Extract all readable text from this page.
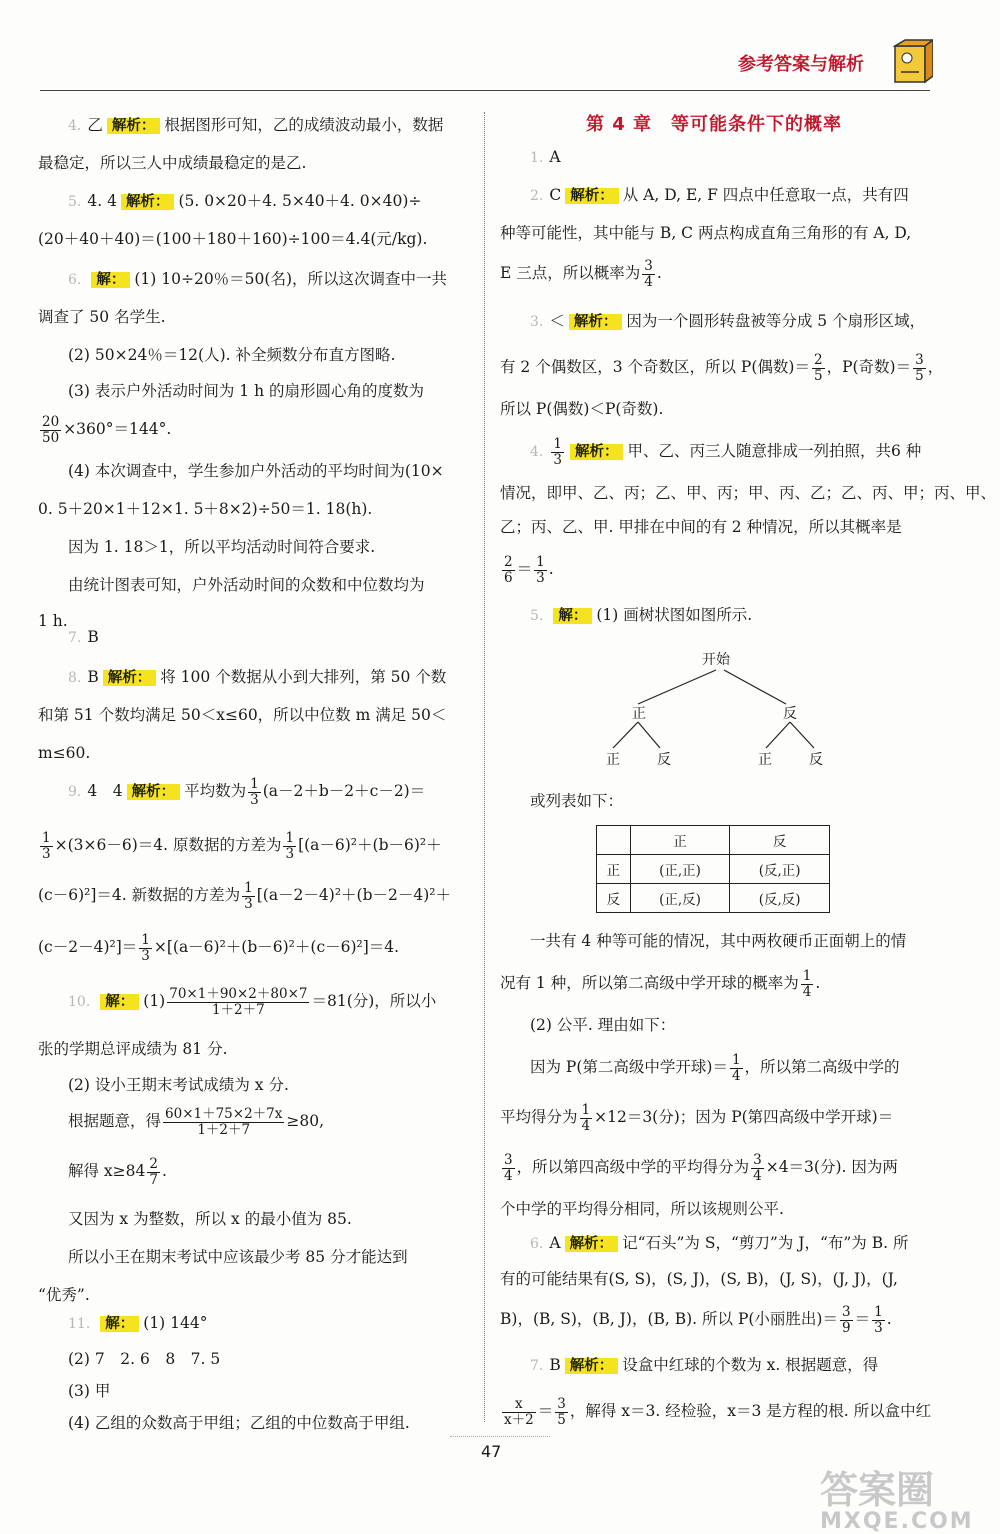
参考答案与解析
4. 乙 解析： 根据图形可知，乙的成绩波动最小，数据
最稳定，所以三人中成绩最稳定的是乙.
5. 4. 4 解析： (5. 0×20＋4. 5×40＋4. 0×40)÷
(20＋40＋40)＝(100＋180＋160)÷100＝4.4(元/kg).
6. 解： (1) 10÷20％＝50(名)，所以这次调查中一共
调查了 50 名学生.
(2) 50×24％＝12(人). 补全频数分布直方图略.
(3) 表示户外活动时间为 1 h 的扇形圆心角的度数为
$\frac{20}{50} \times 360^\circ=144^\circ$.
(4) 本次调查中，学生参加户外活动的平均时间为(10×
0. 5＋20×1＋12×1. 5＋8×2)÷50＝1. 18(h).
因为 1. 18＞1，所以平均活动时间符合要求.
由统计图表可知，户外活动时间的众数和中位数均为
1 h.
7. B
8. B 解析： 将 100 个数据从小到大排列，第 50 个数
和第 51 个数均满足 50＜x≤60，所以中位数 m 满足 50＜
m≤60.
9. 4　4 解析： 平均数为 $\frac{1}{3} (a-2+b-2+c-2)=$
$\frac{1}{3} \times(3\times 6-6)=4$. 原数据的方差为 $\frac{1}{3} [(a-6)^2+(b-6)^2+$
(c－6)²]＝4. 新数据的方差为 $\frac{1}{3} [(a-2-4)^2+(b-2-4)^2+$
$(c-2-4)^2]= \frac{1}{3} \times[(a-6)^2+(b-6)^2+(c-6)^2]=4$.
10. 解： $(1) \frac{70\times 1+90\times 2+80\times 7}{1+2+7} =81$(分)，所以小
张的学期总评成绩为 81 分.
(2) 设小王期末考试成绩为 x 分.
根据题意，得 $\frac{60\times 1+75\times 2+7x}{1+2+7} \ge 80$,
解得 $x\ge 84 \frac{2}{7}$ .
又因为 x 为整数，所以 x 的最小值为 85.
所以小王在期末考试中应该最少考 85 分才能达到
“优秀”.
11. 解： (1) 144°
(2) 7　2. 6　8　7. 5
(3) 甲
(4) 乙组的众数高于甲组；乙组的中位数高于甲组.
第 4 章　等可能条件下的概率
1. A
2. C 解析： 从 A, D, E, F 四点中任意取一点，共有四
种等可能性，其中能与 B, C 两点构成直角三角形的有 A, D,
E 三点，所以概率为 $\frac{3}{4}$ .
3. ＜ 解析： 因为一个圆形转盘被等分成 5 个扇形区域，
有 2 个偶数区，3 个奇数区，所以 P(偶数)＝ $\frac{2}{5}$ ，P(奇数)＝ $\frac{3}{5}$ ，
所以 P(偶数)＜P(奇数).
4. $\frac{1}{3}$ 解析： 甲、乙、丙三人随意排成一列拍照，共6 种
情况，即甲、乙、丙；乙、甲、丙；甲、丙、乙；乙、丙、甲；丙、甲、
乙；丙、乙、甲. 甲排在中间的有 2 种情况，所以其概率是
$\frac{2}{6} = \frac{1}{3}$ .
5. 解： (1) 画树状图如图所示.
或列表如下：
一共有 4 种等可能的情况，其中两枚硬币正面朝上的情
况有 1 种，所以第二高级中学开球的概率为 $\frac{1}{4}$ .
(2) 公平. 理由如下：
因为 P(第二高级中学开球)＝ $\frac{1}{4}$ ，所以第二高级中学的
平均得分为 $\frac{1}{4} \times 12=3$(分)；因为 P(第四高级中学开球)＝
$\frac{3}{4}$ ，所以第四高级中学的平均得分为 $\frac{3}{4} \times 4=3$(分). 因为两
个中学的平均得分相同，所以该规则公平.
6. A 解析： 记“石头”为 S，“剪刀”为 J，“布”为 B. 所
有的可能结果有(S, S)，(S, J)，(S, B)，(J, S)，(J, J)，(J,
B)，(B, S)，(B, J)，(B, B). 所以 P(小丽胜出)＝ $\frac{3}{9} = \frac{1}{3}$ .
7. B 解析： 设盒中红球的个数为 x. 根据题意，得
$\frac{x}{x+2} = \frac{3}{5}$ ，解得 x＝3. 经检验，x＝3 是方程的根. 所以盒中红
开始
正	反
正	反	正	反
	正	反
正	(正,正)	(反,正)
反	(正,反)	(反,反)
47
答案圈
MXQE.COM
